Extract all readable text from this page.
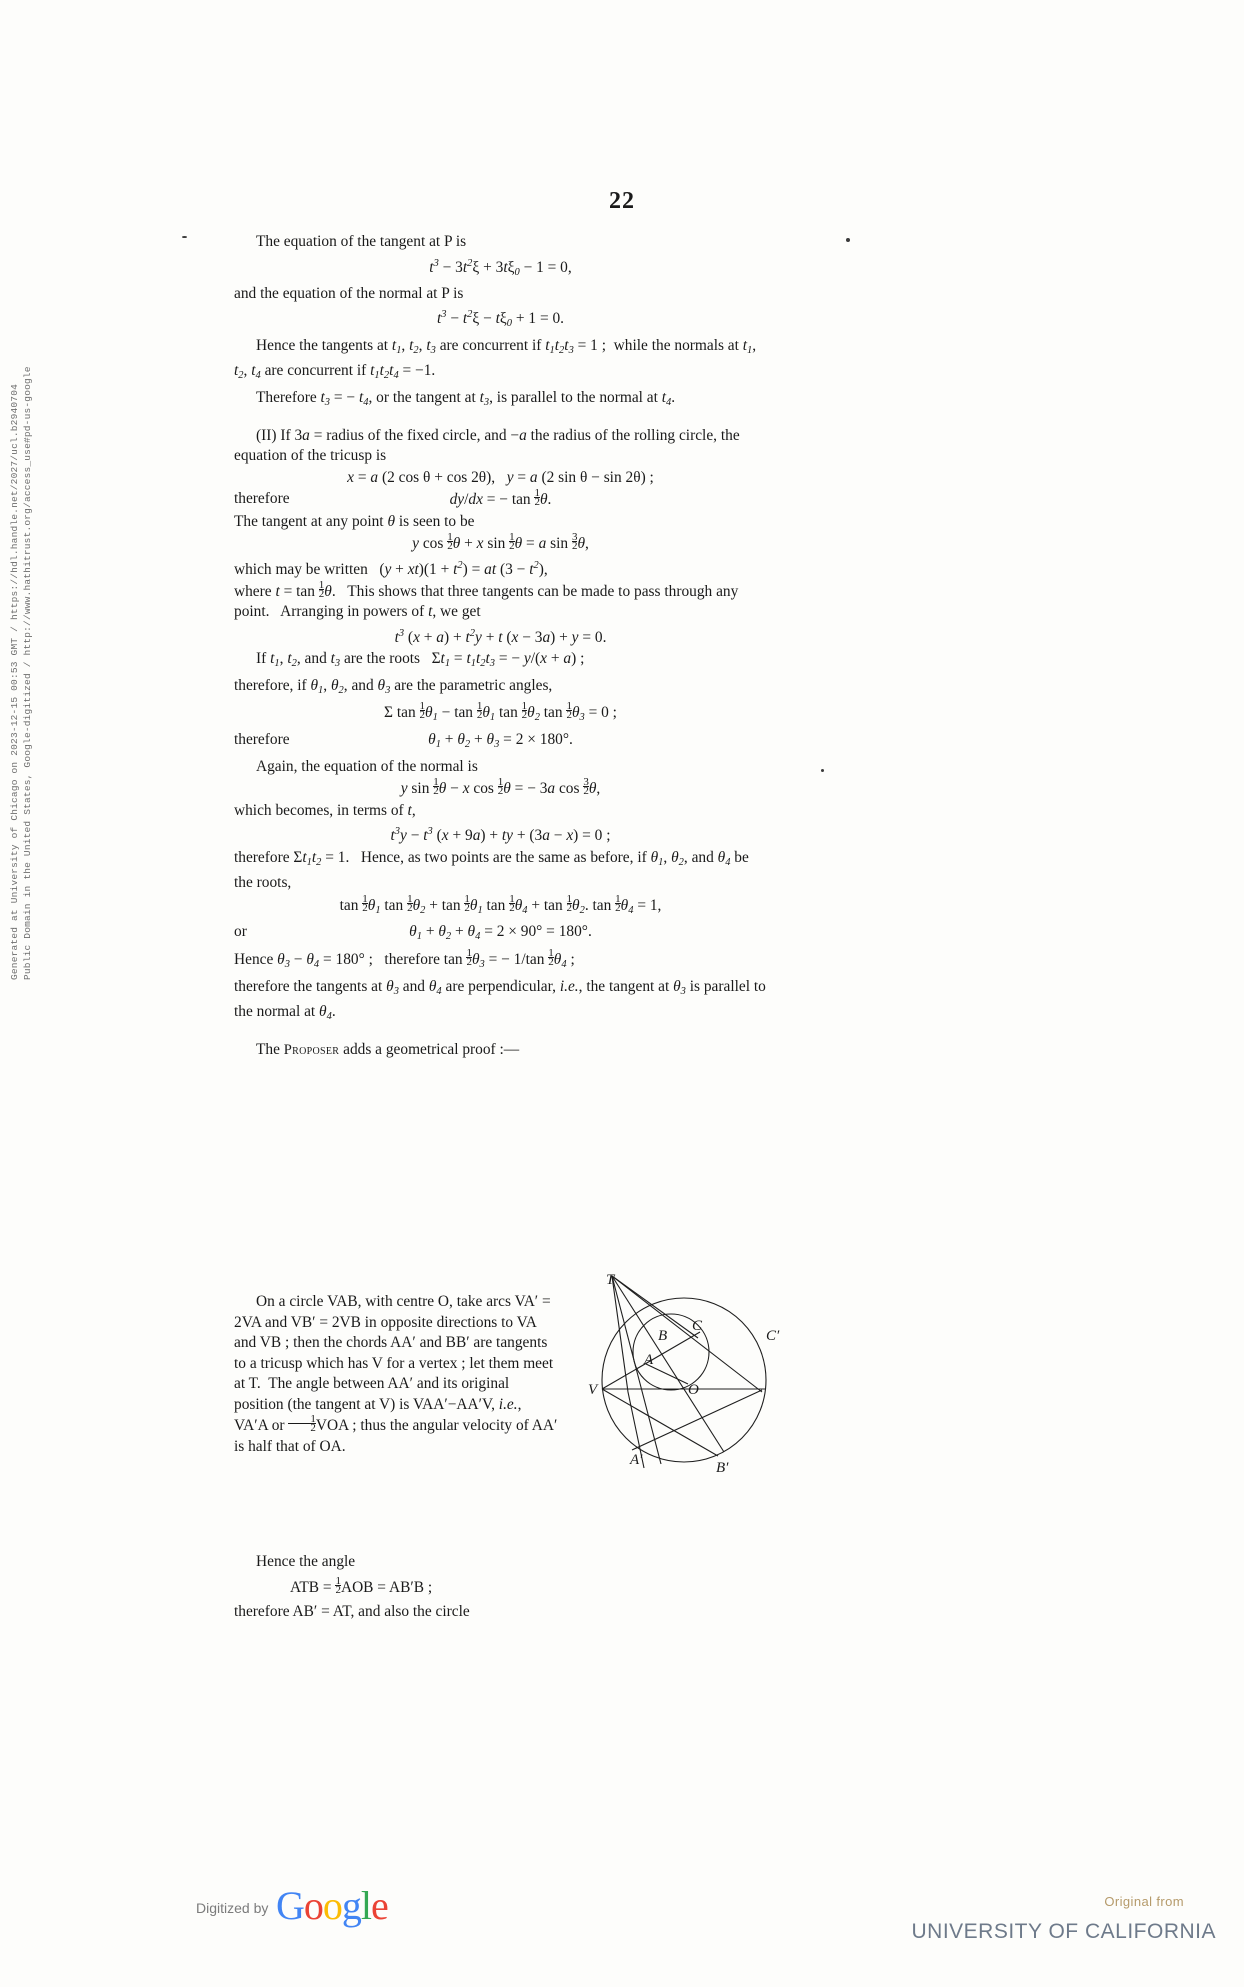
Generated at University of Chicago on 2023-12-15 00:53 GMT / https://hdl.handle.net/2027/ucl.b2940704 Public Domain in the United States, Google-digitized / http://www.hathitrust.org/access_use#pd-us-google
22

The equation of the tangent at P is

$t^3 - 3t^2\xi + 3t\xi_0 - 1 = 0$,

and the equation of the normal at P is

$t^3 - t^2\xi - t\xi_0 + 1 = 0$.

Hence the tangents at $t_1$, $t_2$, $t_3$ are concurrent if $t_1t_2t_3 = 1$ ;  while the normals at $t_1$, $t_2$, $t_4$ are concurrent if $t_1t_2t_4 = -1$.

Therefore $t_3$ = − $t_4$, or the tangent at $t_3$, is parallel to the normal at $t_4$.

(II) If 3a = radius of the fixed circle, and −a the radius of the rolling circle, the equation of the tricusp is

x = a (2 cos θ + cos 2θ),   y = a (2 sin θ − sin 2θ) ;

therefore	dy/dx = − $\tan \frac{1}{2} \theta$.

The tangent at any point θ is seen to be

y $\cos \frac{1}{2}$ θ + x $\sin \frac{1}{2}$ θ = a $\sin \frac{3}{2} \theta$,

which may be written   $(y + xt)(1 + t^2)$ = at $(3 - t^2)$,

where $t = \tan \frac{1}{2} \theta$.   This shows that three tangents can be made to pass through any point.   Arranging in powers of t, we get

$t^3$ $(x + a) + t^2y + t$ (x − 3a) + y = 0.

If $t_1$, $t_2$, and $t_3$ are the roots   $\Sigma t_1 = t_1t_2t_3$ = − y/(x + a) ;

therefore, if $\theta_1$, $\theta_2$, and $\theta_3$ are the parametric angles,

Σ $\tan \frac{1}{2} \theta_1 - \tan \frac{1}{2} \theta_1$ $\tan \frac{1}{2} \theta_2$ $\tan \frac{1}{2} \theta_3 = 0$ ;

therefore	$\theta_1 + \theta_2 + \theta_3 = 2 \times 180^\circ$.

Again, the equation of the normal is

y $\sin \frac{1}{2}$ θ − x $\cos \frac{1}{2}$ θ = − 3a $\cos \frac{3}{2} \theta$,

which becomes, in terms of t,

$t^3y - t^3$ (x + 9a) + ty + (3a − x) = 0 ;

therefore $\Sigma t_1t_2 = 1$.   Hence, as two points are the same as before, if $\theta_1$, $\theta_2$, and $\theta_4$ be the roots,

$\tan \frac{1}{2} \theta_1$ $\tan \frac{1}{2} \theta_2 + \tan \frac{1}{2} \theta_1$ $\tan \frac{1}{2} \theta_4 + \tan \frac{1}{2} \theta_2$. $\tan \frac{1}{2} \theta_4 = 1$,

or	$\theta_1 + \theta_2 + \theta_4 = 2 \times 90^\circ = 180^\circ$.

Hence $\theta_3 - \theta_4 = 180^\circ$ ;   therefore $\tan \frac{1}{2} \theta_3$ = − $1/\tan \frac{1}{2} \theta_4$ ;

therefore the tangents at $\theta_3$ and $\theta_4$ are perpendicular, i.e., the tangent at $\theta_3$ is parallel to the normal at $\theta_4$.

The Proposer adds a geometrical proof :—

On a circle VAB, with centre O, take arcs VA′ = 2VA and VB′ = 2VB in opposite directions to VA and VB ; then the chords AA′ and BB′ are tangents to a tricusp which has V for a vertex ; let them meet at T.  The angle between AA′ and its original position (the tangent at V) is VAA′−AA′V, i.e., VA′A or $\frac{1}{2}$ VOA ; thus the angular velocity of AA′ is half that of OA.

Hence the angle

ATB = $\frac{1}{2}$ AOB = AB′B ;

therefore AB′ = AT, and also the circle

T
B
C
C′
A
V	O
A′	B′
Digitized by Google	Original from
UNIVERSITY OF CALIFORNIA
